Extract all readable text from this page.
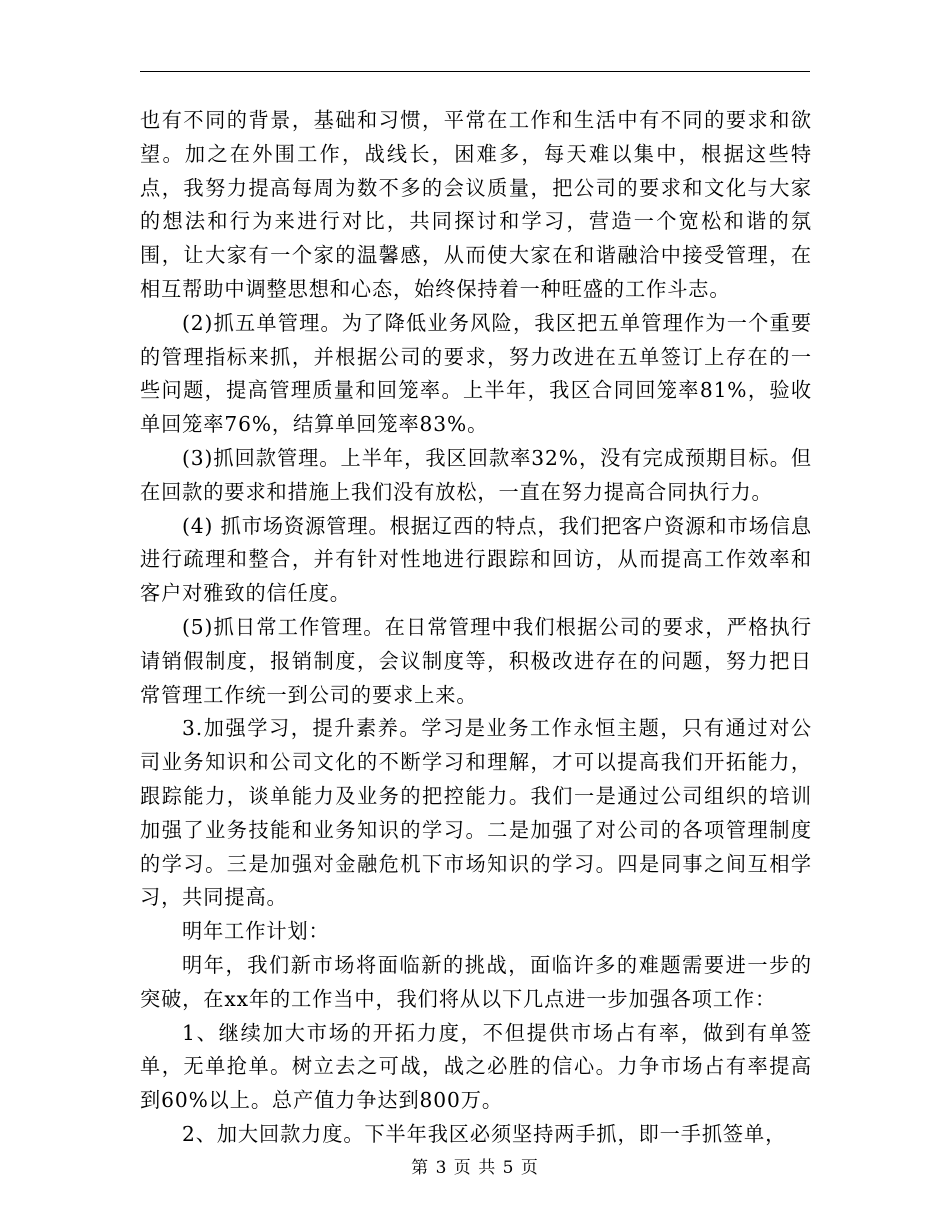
也有不同的背景，基础和习惯，平常在工作和生活中有不同的要求和欲望。加之在外围工作，战线长，困难多，每天难以集中，根据这些特点，我努力提高每周为数不多的会议质量，把公司的要求和文化与大家的想法和行为来进行对比，共同探讨和学习，营造一个宽松和谐的氛围，让大家有一个家的温馨感，从而使大家在和谐融洽中接受管理，在相互帮助中调整思想和心态，始终保持着一种旺盛的工作斗志。

(2)抓五单管理。为了降低业务风险，我区把五单管理作为一个重要的管理指标来抓，并根据公司的要求，努力改进在五单签订上存在的一些问题，提高管理质量和回笼率。上半年，我区合同回笼率81%，验收单回笼率76%，结算单回笼率83%。

(3)抓回款管理。上半年，我区回款率32%，没有完成预期目标。但在回款的要求和措施上我们没有放松，一直在努力提高合同执行力。

(4) 抓市场资源管理。根据辽西的特点，我们把客户资源和市场信息进行疏理和整合，并有针对性地进行跟踪和回访，从而提高工作效率和客户对雅致的信任度。

(5)抓日常工作管理。在日常管理中我们根据公司的要求，严格执行请销假制度，报销制度，会议制度等，积极改进存在的问题，努力把日常管理工作统一到公司的要求上来。

3.加强学习，提升素养。学习是业务工作永恒主题，只有通过对公司业务知识和公司文化的不断学习和理解，才可以提高我们开拓能力，跟踪能力，谈单能力及业务的把控能力。我们一是通过公司组织的培训加强了业务技能和业务知识的学习。二是加强了对公司的各项管理制度的学习。三是加强对金融危机下市场知识的学习。四是同事之间互相学习，共同提高。

明年工作计划：

明年，我们新市场将面临新的挑战，面临许多的难题需要进一步的突破，在xx年的工作当中，我们将从以下几点进一步加强各项工作：

1、继续加大市场的开拓力度，不但提供市场占有率，做到有单签单，无单抢单。树立去之可战，战之必胜的信心。力争市场占有率提高到60%以上。总产值力争达到800万。

2、加大回款力度。下半年我区必须坚持两手抓，即一手抓签单，

第 3 页 共 5 页
